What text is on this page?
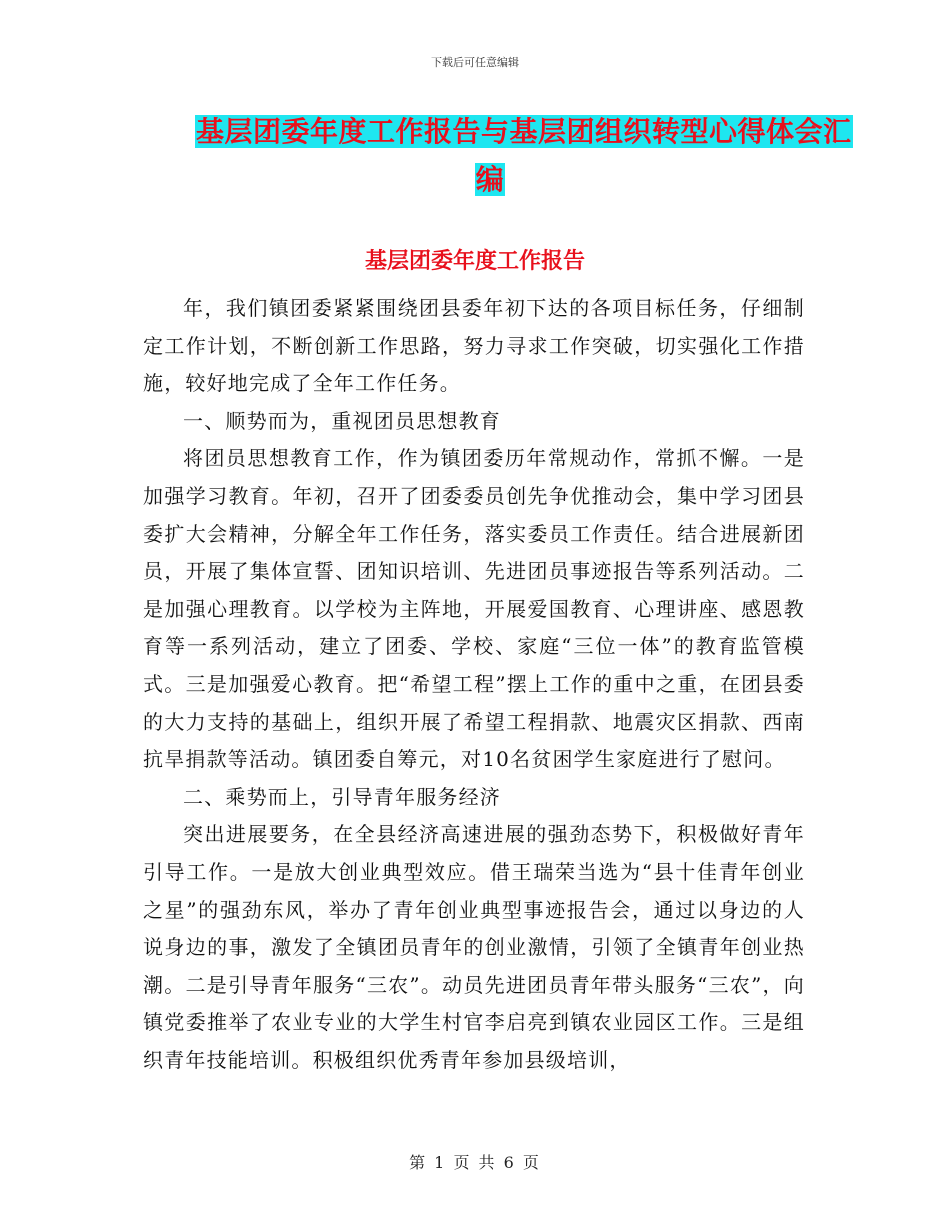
下载后可任意编辑
基层团委年度工作报告与基层团组织转型心得体会汇
编
基层团委年度工作报告

年，我们镇团委紧紧围绕团县委年初下达的各项目标任务，仔细制定工作计划，不断创新工作思路，努力寻求工作突破，切实强化工作措施，较好地完成了全年工作任务。

一、顺势而为，重视团员思想教育

将团员思想教育工作，作为镇团委历年常规动作，常抓不懈。一是加强学习教育。年初，召开了团委委员创先争优推动会，集中学习团县委扩大会精神，分解全年工作任务，落实委员工作责任。结合进展新团员，开展了集体宣誓、团知识培训、先进团员事迹报告等系列活动。二是加强心理教育。以学校为主阵地，开展爱国教育、心理讲座、感恩教育等一系列活动，建立了团委、学校、家庭“三位一体”的教育监管模式。三是加强爱心教育。把“希望工程”摆上工作的重中之重，在团县委的大力支持的基础上，组织开展了希望工程捐款、地震灾区捐款、西南抗旱捐款等活动。镇团委自筹元，对10名贫困学生家庭进行了慰问。

二、乘势而上，引导青年服务经济

突出进展要务，在全县经济高速进展的强劲态势下，积极做好青年引导工作。一是放大创业典型效应。借王瑞荣当选为“县十佳青年创业之星”的强劲东风，举办了青年创业典型事迹报告会，通过以身边的人说身边的事，激发了全镇团员青年的创业激情，引领了全镇青年创业热潮。二是引导青年服务“三农”。动员先进团员青年带头服务“三农”，向镇党委推举了农业专业的大学生村官李启亮到镇农业园区工作。三是组织青年技能培训。积极组织优秀青年参加县级培训，

第 1 页 共 6 页
